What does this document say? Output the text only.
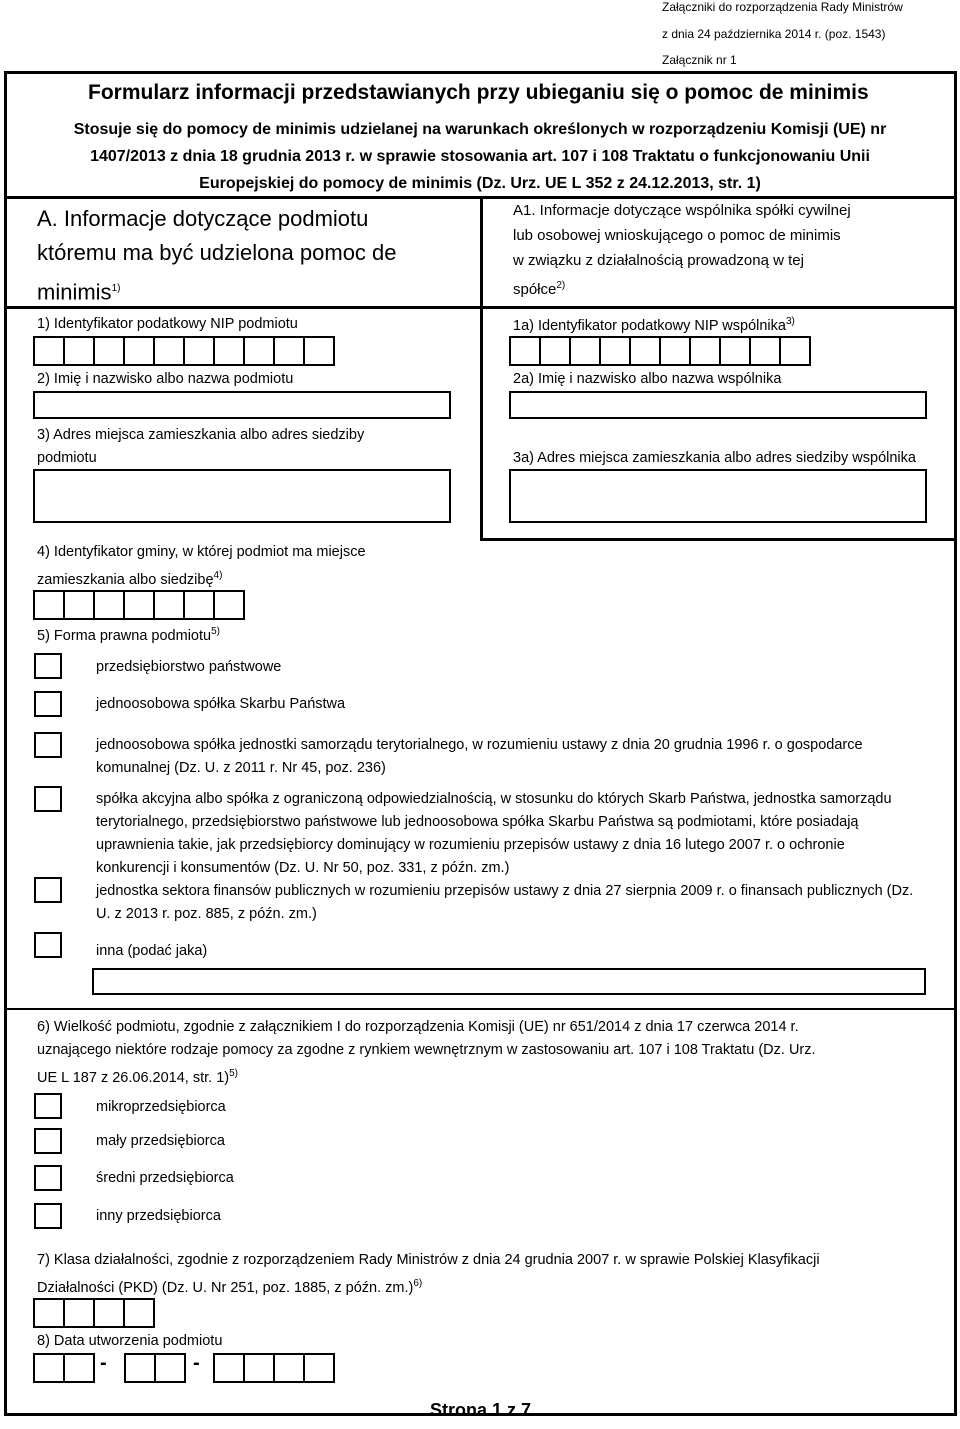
Załączniki do rozporządzenia Rady Ministrów
z dnia 24 października 2014 r. (poz. 1543)
Załącznik nr 1
Formularz informacji przedstawianych przy ubieganiu się o pomoc de minimis
Stosuje się do pomocy de minimis udzielanej na warunkach określonych w rozporządzeniu Komisji (UE) nr
1407/2013 z dnia 18 grudnia 2013 r. w sprawie stosowania art. 107 i 108 Traktatu o funkcjonowaniu Unii
Europejskiej do pomocy de minimis (Dz. Urz. UE L 352 z 24.12.2013, str. 1)
A. Informacje dotyczące podmiotu
któremu ma być udzielona pomoc de
minimis$^{1)}$
A1. Informacje dotyczące wspólnika spółki cywilnej
lub osobowej wnioskującego o pomoc de minimis
w związku z działalnością prowadzoną w tej
spółce$^{2)}$
1) Identyfikator podatkowy NIP podmiotu	1a) Identyfikator podatkowy NIP wspólnika$^{3)}$
2) Imię i nazwisko albo nazwa podmiotu	2a) Imię i nazwisko albo nazwa wspólnika
3) Adres miejsca zamieszkania albo adres siedziby
podmiotu	3a) Adres miejsca zamieszkania albo adres siedziby wspólnika
4) Identyfikator gminy, w której podmiot ma miejsce
zamieszkania albo siedzibę$^{4)}$
5) Forma prawna podmiotu$^{5)}$
przedsiębiorstwo państwowe
jednoosobowa spółka Skarbu Państwa
jednoosobowa spółka jednostki samorządu terytorialnego, w rozumieniu ustawy z dnia 20 grudnia 1996 r. o gospodarce komunalnej (Dz. U. z 2011 r. Nr 45, poz. 236)
spółka akcyjna albo spółka z ograniczoną odpowiedzialnością, w stosunku do których Skarb Państwa, jednostka samorządu terytorialnego, przedsiębiorstwo państwowe lub jednoosobowa spółka Skarbu Państwa są podmiotami, które posiadają uprawnienia takie, jak przedsiębiorcy dominujący w rozumieniu przepisów ustawy z dnia 16 lutego 2007 r. o ochronie konkurencji i konsumentów (Dz. U. Nr 50, poz. 331, z późn. zm.)
jednostka sektora finansów publicznych w rozumieniu przepisów ustawy z dnia 27 sierpnia 2009 r. o finansach publicznych (Dz. U. z 2013 r. poz. 885, z późn. zm.)
inna (podać jaka)
6) Wielkość podmiotu, zgodnie z załącznikiem I do rozporządzenia Komisji (UE) nr 651/2014 z dnia 17 czerwca 2014 r.
uznającego niektóre rodzaje pomocy za zgodne z rynkiem wewnętrznym w zastosowaniu art. 107 i 108 Traktatu (Dz. Urz.
UE L 187 z 26.06.2014, str. 1)$^{5)}$
mikroprzedsiębiorca
mały przedsiębiorca
średni przedsiębiorca
inny przedsiębiorca
7) Klasa działalności, zgodnie z rozporządzeniem Rady Ministrów z dnia 24 grudnia 2007 r. w sprawie Polskiej Klasyfikacji
Działalności (PKD) (Dz. U. Nr 251, poz. 1885, z późn. zm.)$^{6)}$
8) Data utworzenia podmiotu
-	-
Strona 1 z 7
